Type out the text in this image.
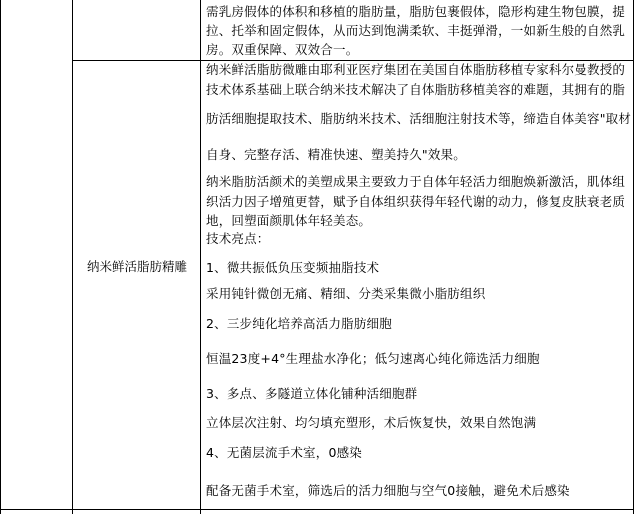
需乳房假体的体积和移植的脂肪量，脂肪包裹假体，隐形构建生物包膜，提
拉、托举和固定假体，从而达到饱满柔软、丰挺弹滑，一如新生般的自然乳
房。双重保障、双效合一。
纳米鲜活脂肪精雕
纳米鲜活脂肪微雕由耶利亚医疗集团在美国自体脂肪移植专家科尔曼教授的
技术体系基础上联合纳米技术解决了自体脂肪移植美容的难题，其拥有的脂
肪活细胞提取技术、脂肪纳米技术、活细胞注射技术等，缔造自体美容"取材
自身、完整存活、精准快速、塑美持久"效果。
纳米脂肪活颜术的美塑成果主要致力于自体年轻活力细胞焕新激活，肌体组
织活力因子增殖更替，赋予自体组织获得年轻代谢的动力，修复皮肤衰老质
地，回塑面颜肌体年轻美态。
技术亮点：
1、微共振低负压变频抽脂技术
采用钝针微创无痛、精细、分类采集微小脂肪组织
2、三步纯化培养高活力脂肪细胞
恒温23度+4°生理盐水净化；低匀速离心纯化筛选活力细胞
3、多点、多隧道立体化铺种活细胞群
立体层次注射、均匀填充塑形，术后恢复快，效果自然饱满
4、无菌层流手术室，0感染
配备无菌手术室，筛选后的活力细胞与空气0接触，避免术后感染
